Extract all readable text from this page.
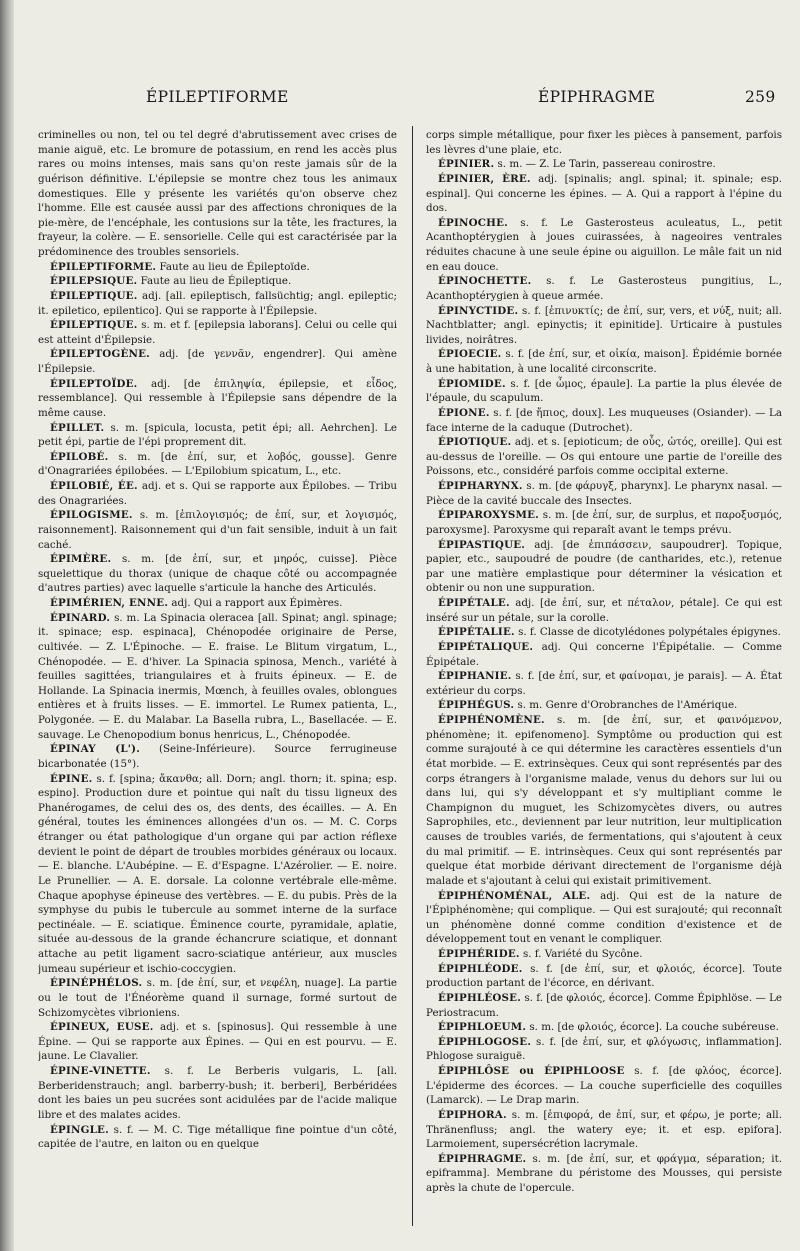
ÉPILEPTIFORME	ÉPIPHRAGME	259

criminelles ou non, tel ou tel degré d'abrutissement avec crises de manie aiguë, etc. Le bromure de potassium, en rend les accès plus rares ou moins intenses, mais sans qu'on reste jamais sûr de la guérison définitive. L'épilepsie se montre chez tous les animaux domestiques. Elle y présente les variétés qu'on observe chez l'homme. Elle est causée aussi par des affections chroniques de la pie-mère, de l'encéphale, les contusions sur la tête, les fractures, la frayeur, la colère. — E. sensorielle. Celle qui est caractérisée par la prédominence des troubles sensoriels.

ÉPILEPTIFORME. Faute au lieu de Épileptoïde.

ÉPILEPSIQUE. Faute au lieu de Épileptique.

ÉPILEPTIQUE. adj. [all. epileptisch, fallsüchtig; angl. epileptic; it. epiletico, epilentico]. Qui se rapporte à l'Épilepsie.

ÉPILEPTIQUE. s. m. et f. [epilepsia laborans]. Celui ou celle qui est atteint d'Épilepsie.

ÉPILEPTOGÈNE. adj. [de γεννᾶν, engendrer]. Qui amène l'Épilepsie.

ÉPILEPTOÏDE. adj. [de ἐπιληψία, épilepsie, et εἶδος, ressemblance]. Qui ressemble à l'Épilepsie sans dépendre de la même cause.

ÉPILLET. s. m. [spicula, locusta, petit épi; all. Aehrchen]. Le petit épi, partie de l'épi proprement dit.

ÉPILOBÉ. s. m. [de ἐπί, sur, et λοβός, gousse]. Genre d'Onagrariées épilobées. — L'Epilobium spicatum, L., etc.

ÉPILOBIÉ, ÉE. adj. et s. Qui se rapporte aux Épilobes. — Tribu des Onagrariées.

ÉPILOGISME. s. m. [ἐπιλογισμός; de ἐπί, sur, et λογισμός, raisonnement]. Raisonnement qui d'un fait sensible, induit à un fait caché.

ÉPIMÈRE. s. m. [de ἐπί, sur, et μηρός, cuisse]. Pièce squelettique du thorax (unique de chaque côté ou accompagnée d'autres parties) avec laquelle s'articule la hanche des Articulés.

ÉPIMÉRIEN, ENNE. adj. Qui a rapport aux Épimères.

ÉPINARD. s. m. La Spinacia oleracea [all. Spinat; angl. spinage; it. spinace; esp. espinaca], Chénopodée originaire de Perse, cultivée. — Z. L'Épinoche. — E. fraise. Le Blitum virgatum, L., Chénopodée. — E. d'hiver. La Spinacia spinosa, Mench., variété à feuilles sagittées, triangulaires et à fruits épineux. — E. de Hollande. La Spinacia inermis, Mœnch, à feuilles ovales, oblongues entières et à fruits lisses. — E. immortel. Le Rumex patienta, L., Polygonée. — E. du Malabar. La Basella rubra, L., Basellacée. — E. sauvage. Le Chenopodium bonus henricus, L., Chénopodée.

ÉPINAY (L'). (Seine-Inférieure). Source ferrugineuse bicarbonatée (15°).

ÉPINE. s. f. [spina; ἄκανθα; all. Dorn; angl. thorn; it. spina; esp. espino]. Production dure et pointue qui naît du tissu ligneux des Phanérogames, de celui des os, des dents, des écailles. — A. En général, toutes les éminences allongées d'un os. — M. C. Corps étranger ou état pathologique d'un organe qui par action réflexe devient le point de départ de troubles morbides généraux ou locaux. — E. blanche. L'Aubépine. — E. d'Espagne. L'Azérolier. — E. noire. Le Prunellier. — A. E. dorsale. La colonne vertébrale elle-même. Chaque apophyse épineuse des vertèbres. — E. du pubis. Près de la symphyse du pubis le tubercule au sommet interne de la surface pectinéale. — E. sciatique. Éminence courte, pyramidale, aplatie, située au-dessous de la grande échancrure sciatique, et donnant attache au petit ligament sacro-sciatique antérieur, aux muscles jumeau supérieur et ischio-coccygien.

ÉPINÉPHÉLOS. s. m. [de ἐπί, sur, et νεφέλη, nuage]. La partie ou le tout de l'Énéorème quand il surnage, formé surtout de Schizomycètes vibrioniens.

ÉPINEUX, EUSE. adj. et s. [spinosus]. Qui ressemble à une Épine. — Qui se rapporte aux Épines. — Qui en est pourvu. — E. jaune. Le Clavalier.

ÉPINE-VINETTE. s. f. Le Berberis vulgaris, L. [all. Berberidenstrauch; angl. barberry-bush; it. berberi], Berbéridées dont les baies un peu sucrées sont acidulées par de l'acide malique libre et des malates acides.

ÉPINGLE. s. f. — M. C. Tige métallique fine pointue d'un côté, capitée de l'autre, en laiton ou en quelque

corps simple métallique, pour fixer les pièces à pansement, parfois les lèvres d'une plaie, etc.

ÉPINIER. s. m. — Z. Le Tarin, passereau conirostre.

ÉPINIER, ÈRE. adj. [spinalis; angl. spinal; it. spinale; esp. espinal]. Qui concerne les épines. — A. Qui a rapport à l'épine du dos.

ÉPINOCHE. s. f. Le Gasterosteus aculeatus, L., petit Acanthoptérygien à joues cuirassées, à nageoires ventrales réduites chacune à une seule épine ou aiguillon. Le mâle fait un nid en eau douce.

ÉPINOCHETTE. s. f. Le Gasterosteus pungitius, L., Acanthoptérygien à queue armée.

ÉPINYCTIDE. s. f. [ἐπινυκτίς; de ἐπί, sur, vers, et νύξ, nuit; all. Nachtblatter; angl. epinyctis; it epinitide]. Urticaire à pustules livides, noirâtres.

ÉPIOECIE. s. f. [de ἐπί, sur, et οἰκία, maison]. Épidémie bornée à une habitation, à une localité circonscrite.

ÉPIOMIDE. s. f. [de ὦμος, épaule]. La partie la plus élevée de l'épaule, du scapulum.

ÉPIONE. s. f. [de ἤπιος, doux]. Les muqueuses (Osiander). — La face interne de la caduque (Dutrochet).

ÉPIOTIQUE. adj. et s. [epioticum; de οὖς, ὠτός, oreille]. Qui est au-dessus de l'oreille. — Os qui entoure une partie de l'oreille des Poissons, etc., considéré parfois comme occipital externe.

ÉPIPHARYNX. s. m. [de φάρυγξ, pharynx]. Le pharynx nasal. — Pièce de la cavité buccale des Insectes.

ÉPIPAROXYSME. s. m. [de ἐπί, sur, de surplus, et παροξυσμός, paroxysme]. Paroxysme qui reparaît avant le temps prévu.

ÉPIPASTIQUE. adj. [de ἐπιπάσσειν, saupoudrer]. Topique, papier, etc., saupoudré de poudre (de cantharides, etc.), retenue par une matière emplastique pour déterminer la vésication et obtenir ou non une suppuration.

ÉPIPÉTALE. adj. [de ἐπί, sur, et πέταλον, pétale]. Ce qui est inséré sur un pétale, sur la corolle.

ÉPIPÉTALIE. s. f. Classe de dicotylédones polypétales épigynes.

ÉPIPÉTALIQUE. adj. Qui concerne l'Épipétalie. — Comme Épipétale.

ÉPIPHANIE. s. f. [de ἐπί, sur, et φαίνομαι, je parais]. — A. État extérieur du corps.

ÉPIPHÉGUS. s. m. Genre d'Orobranches de l'Amérique.

ÉPIPHÉNOMÈNE. s. m. [de ἐπί, sur, et φαινόμενον, phénomène; it. epifenomeno]. Symptôme ou production qui est comme surajouté à ce qui détermine les caractères essentiels d'un état morbide. — E. extrinsèques. Ceux qui sont représentés par des corps étrangers à l'organisme malade, venus du dehors sur lui ou dans lui, qui s'y développant et s'y multipliant comme le Champignon du muguet, les Schizomycètes divers, ou autres Saprophiles, etc., deviennent par leur nutrition, leur multiplication causes de troubles variés, de fermentations, qui s'ajoutent à ceux du mal primitif. — E. intrinsèques. Ceux qui sont représentés par quelque état morbide dérivant directement de l'organisme déjà malade et s'ajoutant à celui qui existait primitivement.

ÉPIPHÉNOMÉNAL, ALE. adj. Qui est de la nature de l'Épiphénomène; qui complique. — Qui est surajouté; qui reconnaît un phénomène donné comme condition d'existence et de développement tout en venant le compliquer.

ÉPIPHÉRIDE. s. f. Variété du Sycône.

ÉPIPHLÉODE. s. f. [de ἐπί, sur, et φλοιός, écorce]. Toute production partant de l'écorce, en dérivant.

ÉPIPHLÉOSE. s. f. [de φλοιός, écorce]. Comme Épiphlöse. — Le Periostracum.

ÉPIPHLOEUM. s. m. [de φλοιός, écorce]. La couche subéreuse.

ÉPIPHLOGOSE. s. f. [de ἐπί, sur, et φλόγωσις, inflammation]. Phlogose suraiguë.

ÉPIPHLÔSE ou ÉPIPHLOOSE s. f. [de φλόος, écorce]. L'épiderme des écorces. — La couche superficielle des coquilles (Lamarck). — Le Drap marin.

ÉPIPHORA. s. m. [ἐπιφορά, de ἐπί, sur, et φέρω, je porte; all. Thränenfluss; angl. the watery eye; it. et esp. epifora]. Larmoiement, supersécrétion lacrymale.

ÉPIPHRAGME. s. m. [de ἐπί, sur, et φράγμα, séparation; it. epiframma]. Membrane du péristome des Mousses, qui persiste après la chute de l'opercule.
